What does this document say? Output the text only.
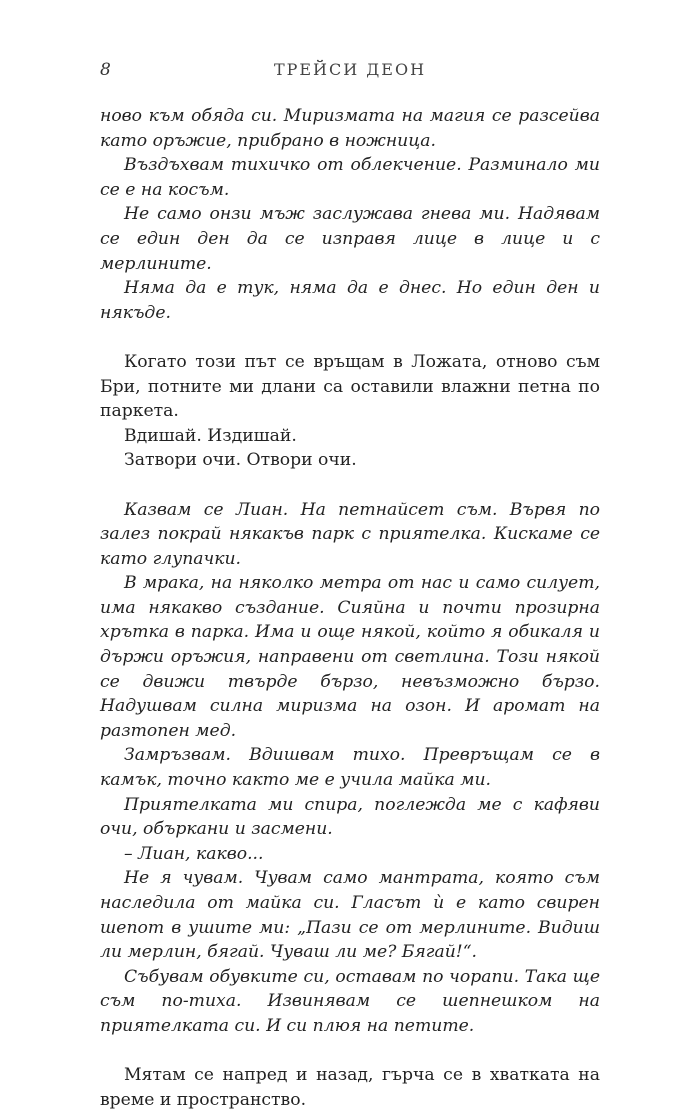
8	ТРЕЙСИ ДЕОН

ново към обяда си. Миризмата на магия се разсейва като оръжие, прибрано в ножница.

Въздъхвам тихичко от облекчение. Разминало ми се е на косъм.

Не само онзи мъж заслужава гнева ми. Надявам се един ден да се изправя лице в лице и с мерлините.

Няма да е тук, няма да е днес. Но един ден и някъде.

Когато този път се връщам в Ложата, отново съм Бри, потните ми длани са оставили влажни петна по паркета.

Вдишай. Издишай.

Затвори очи. Отвори очи.

Казвам се Лиан. На петнайсет съм. Вървя по залез покрай някакъв парк с приятелка. Кискаме се като глупачки.

В мрака, на няколко метра от нас и само силует, има някакво създание. Сияйна и почти прозирна хрътка в парка. Има и още някой, който я обикаля и държи оръжия, направени от светлина. Този някой се движи твърде бързо, невъзможно бързо. Надушвам силна миризма на озон. И аромат на разтопен мед.

Замръзвам. Вдишвам тихо. Превръщам се в камък, точно както ме е учила майка ми.

Приятелката ми спира, поглежда ме с кафяви очи, объркани и засмени.

– Лиан, какво...

Не я чувам. Чувам само мантрата, която съм наследила от майка си. Гласът ѝ е като свирен шепот в ушите ми: „Пази се от мерлините. Видиш ли мерлин, бягай. Чуваш ли ме? Бягай!“.

Събувам обувките си, оставам по чорапи. Така ще съм по-тиха. Извинявам се шепнешком на приятелката си. И си плюя на петите.

Мятам се напред и назад, гърча се в хватката на време и пространство.
